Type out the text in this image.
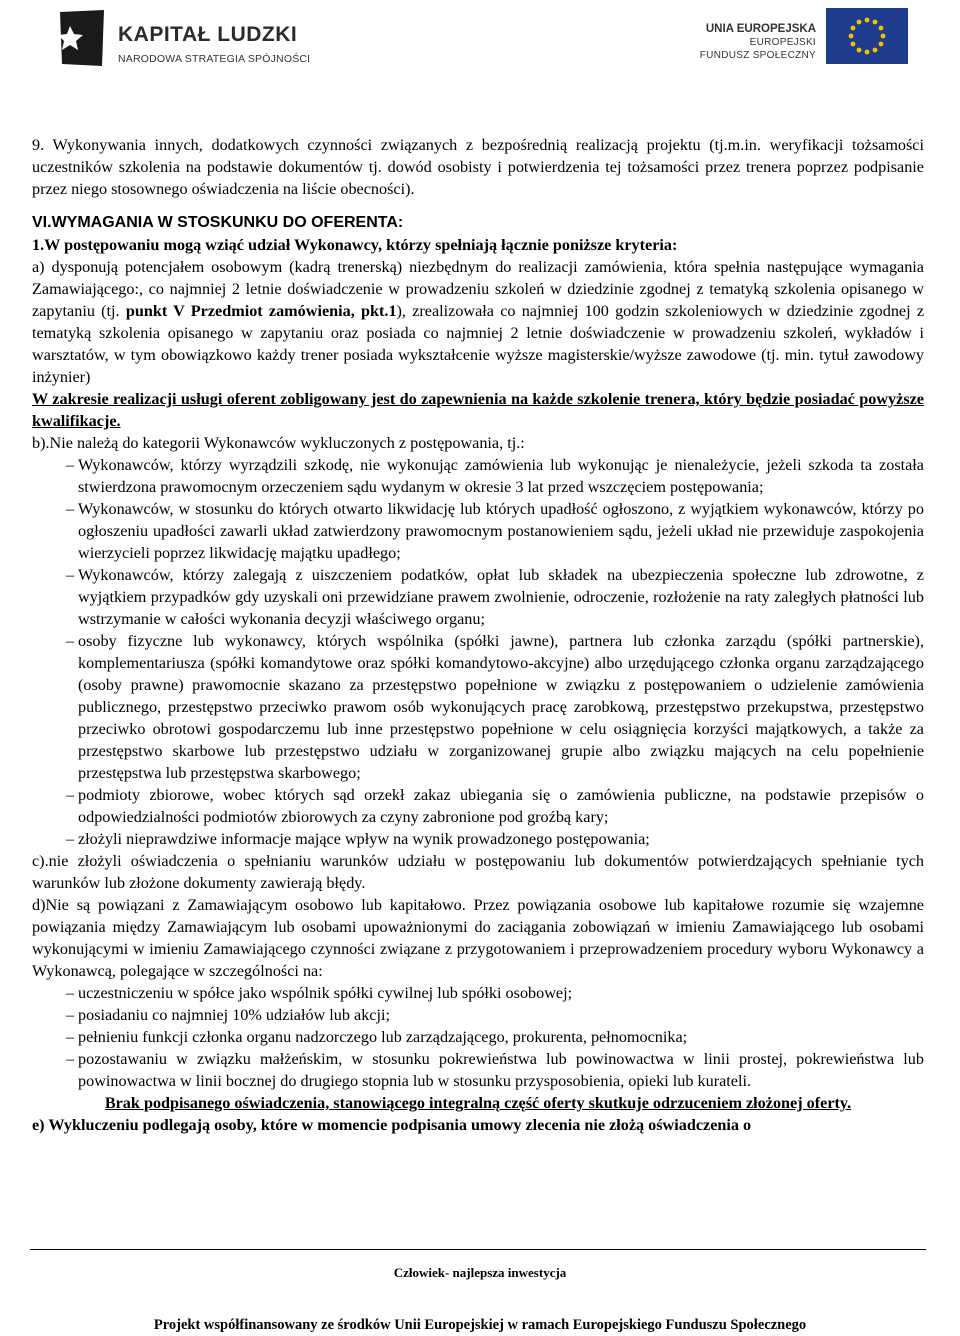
KAPITAŁ LUDZKI
NARODOWA STRATEGIA SPÓJNOŚCI
UNIA EUROPEJSKA
EUROPEJSKI
FUNDUSZ SPOŁECZNY

9. Wykonywania innych, dodatkowych czynności związanych z bezpośrednią realizacją projektu (tj.m.in. weryfikacji tożsamości uczestników szkolenia na podstawie dokumentów tj. dowód osobisty i potwierdzenia tej tożsamości przez trenera poprzez podpisanie przez niego stosownego oświadczenia na liście obecności).

VI.WYMAGANIA W STOSKUNKU DO OFERENTA:

1.W postępowaniu mogą wziąć udział Wykonawcy, którzy spełniają łącznie poniższe kryteria:

a) dysponują potencjałem osobowym (kadrą trenerską) niezbędnym do realizacji zamówienia, która spełnia następujące wymagania Zamawiającego:, co najmniej 2 letnie doświadczenie w prowadzeniu szkoleń w dziedzinie zgodnej z tematyką szkolenia opisanego w zapytaniu (tj. punkt V Przedmiot zamówienia, pkt.1), zrealizowała co najmniej 100 godzin szkoleniowych w dziedzinie zgodnej z tematyką szkolenia opisanego w zapytaniu oraz posiada co najmniej 2 letnie doświadczenie w prowadzeniu szkoleń, wykładów i warsztatów, w tym obowiązkowo każdy trener posiada wykształcenie wyższe magisterskie/wyższe zawodowe (tj. min. tytuł zawodowy inżynier)

W zakresie realizacji usługi oferent zobligowany jest do zapewnienia na każde szkolenie trenera, który będzie posiadać powyższe kwalifikacje.

b).Nie należą do kategorii Wykonawców wykluczonych z postępowania, tj.:

– Wykonawców, którzy wyrządzili szkodę, nie wykonując zamówienia lub wykonując je nienależycie, jeżeli szkoda ta została stwierdzona prawomocnym orzeczeniem sądu wydanym w okresie 3 lat przed wszczęciem postępowania;

– Wykonawców, w stosunku do których otwarto likwidację lub których upadłość ogłoszono, z wyjątkiem wykonawców, którzy po ogłoszeniu upadłości zawarli układ zatwierdzony prawomocnym postanowieniem sądu, jeżeli układ nie przewiduje zaspokojenia wierzycieli poprzez likwidację majątku upadłego;

– Wykonawców, którzy zalegają z uiszczeniem podatków, opłat lub składek na ubezpieczenia społeczne lub zdrowotne, z wyjątkiem przypadków gdy uzyskali oni przewidziane prawem zwolnienie, odroczenie, rozłożenie na raty zaległych płatności lub wstrzymanie w całości wykonania decyzji właściwego organu;

– osoby fizyczne lub wykonawcy, których wspólnika (spółki jawne), partnera lub członka zarządu (spółki partnerskie), komplementariusza (spółki komandytowe oraz spółki komandytowo-akcyjne) albo urzędującego członka organu zarządzającego (osoby prawne) prawomocnie skazano za przestępstwo popełnione w związku z postępowaniem o udzielenie zamówienia publicznego, przestępstwo przeciwko prawom osób wykonujących pracę zarobkową, przestępstwo przekupstwa, przestępstwo przeciwko obrotowi gospodarczemu lub inne przestępstwo popełnione w celu osiągnięcia korzyści majątkowych, a także za przestępstwo skarbowe lub przestępstwo udziału w zorganizowanej grupie albo związku mających na celu popełnienie przestępstwa lub przestępstwa skarbowego;

– podmioty zbiorowe, wobec których sąd orzekł zakaz ubiegania się o zamówienia publiczne, na podstawie przepisów o odpowiedzialności podmiotów zbiorowych za czyny zabronione pod groźbą kary;

– złożyli nieprawdziwe informacje mające wpływ na wynik prowadzonego postępowania;

c).nie złożyli oświadczenia o spełnianiu warunków udziału w postępowaniu lub dokumentów potwierdzających spełnianie tych warunków lub złożone dokumenty zawierają błędy.

d)Nie są powiązani z Zamawiającym osobowo lub kapitałowo. Przez powiązania osobowe lub kapitałowe rozumie się wzajemne powiązania między Zamawiającym lub osobami upoważnionymi do zaciągania zobowiązań w imieniu Zamawiającego lub osobami wykonującymi w imieniu Zamawiającego czynności związane z przygotowaniem i przeprowadzeniem procedury wyboru Wykonawcy a Wykonawcą, polegające w szczególności na:

– uczestniczeniu w spółce jako wspólnik spółki cywilnej lub spółki osobowej;

– posiadaniu co najmniej 10% udziałów lub akcji;

– pełnieniu funkcji członka organu nadzorczego lub zarządzającego, prokurenta, pełnomocnika;

– pozostawaniu w związku małżeńskim, w stosunku pokrewieństwa lub powinowactwa w linii prostej, pokrewieństwa lub powinowactwa w linii bocznej do drugiego stopnia lub w stosunku przysposobienia, opieki lub kurateli.

Brak podpisanego oświadczenia, stanowiącego integralną część oferty skutkuje odrzuceniem złożonej oferty.

e) Wykluczeniu podlegają osoby, które w momencie podpisania umowy zlecenia nie złożą oświadczenia o

Człowiek- najlepsza inwestycja
Projekt współfinansowany ze środków Unii Europejskiej w ramach Europejskiego Funduszu Społecznego
